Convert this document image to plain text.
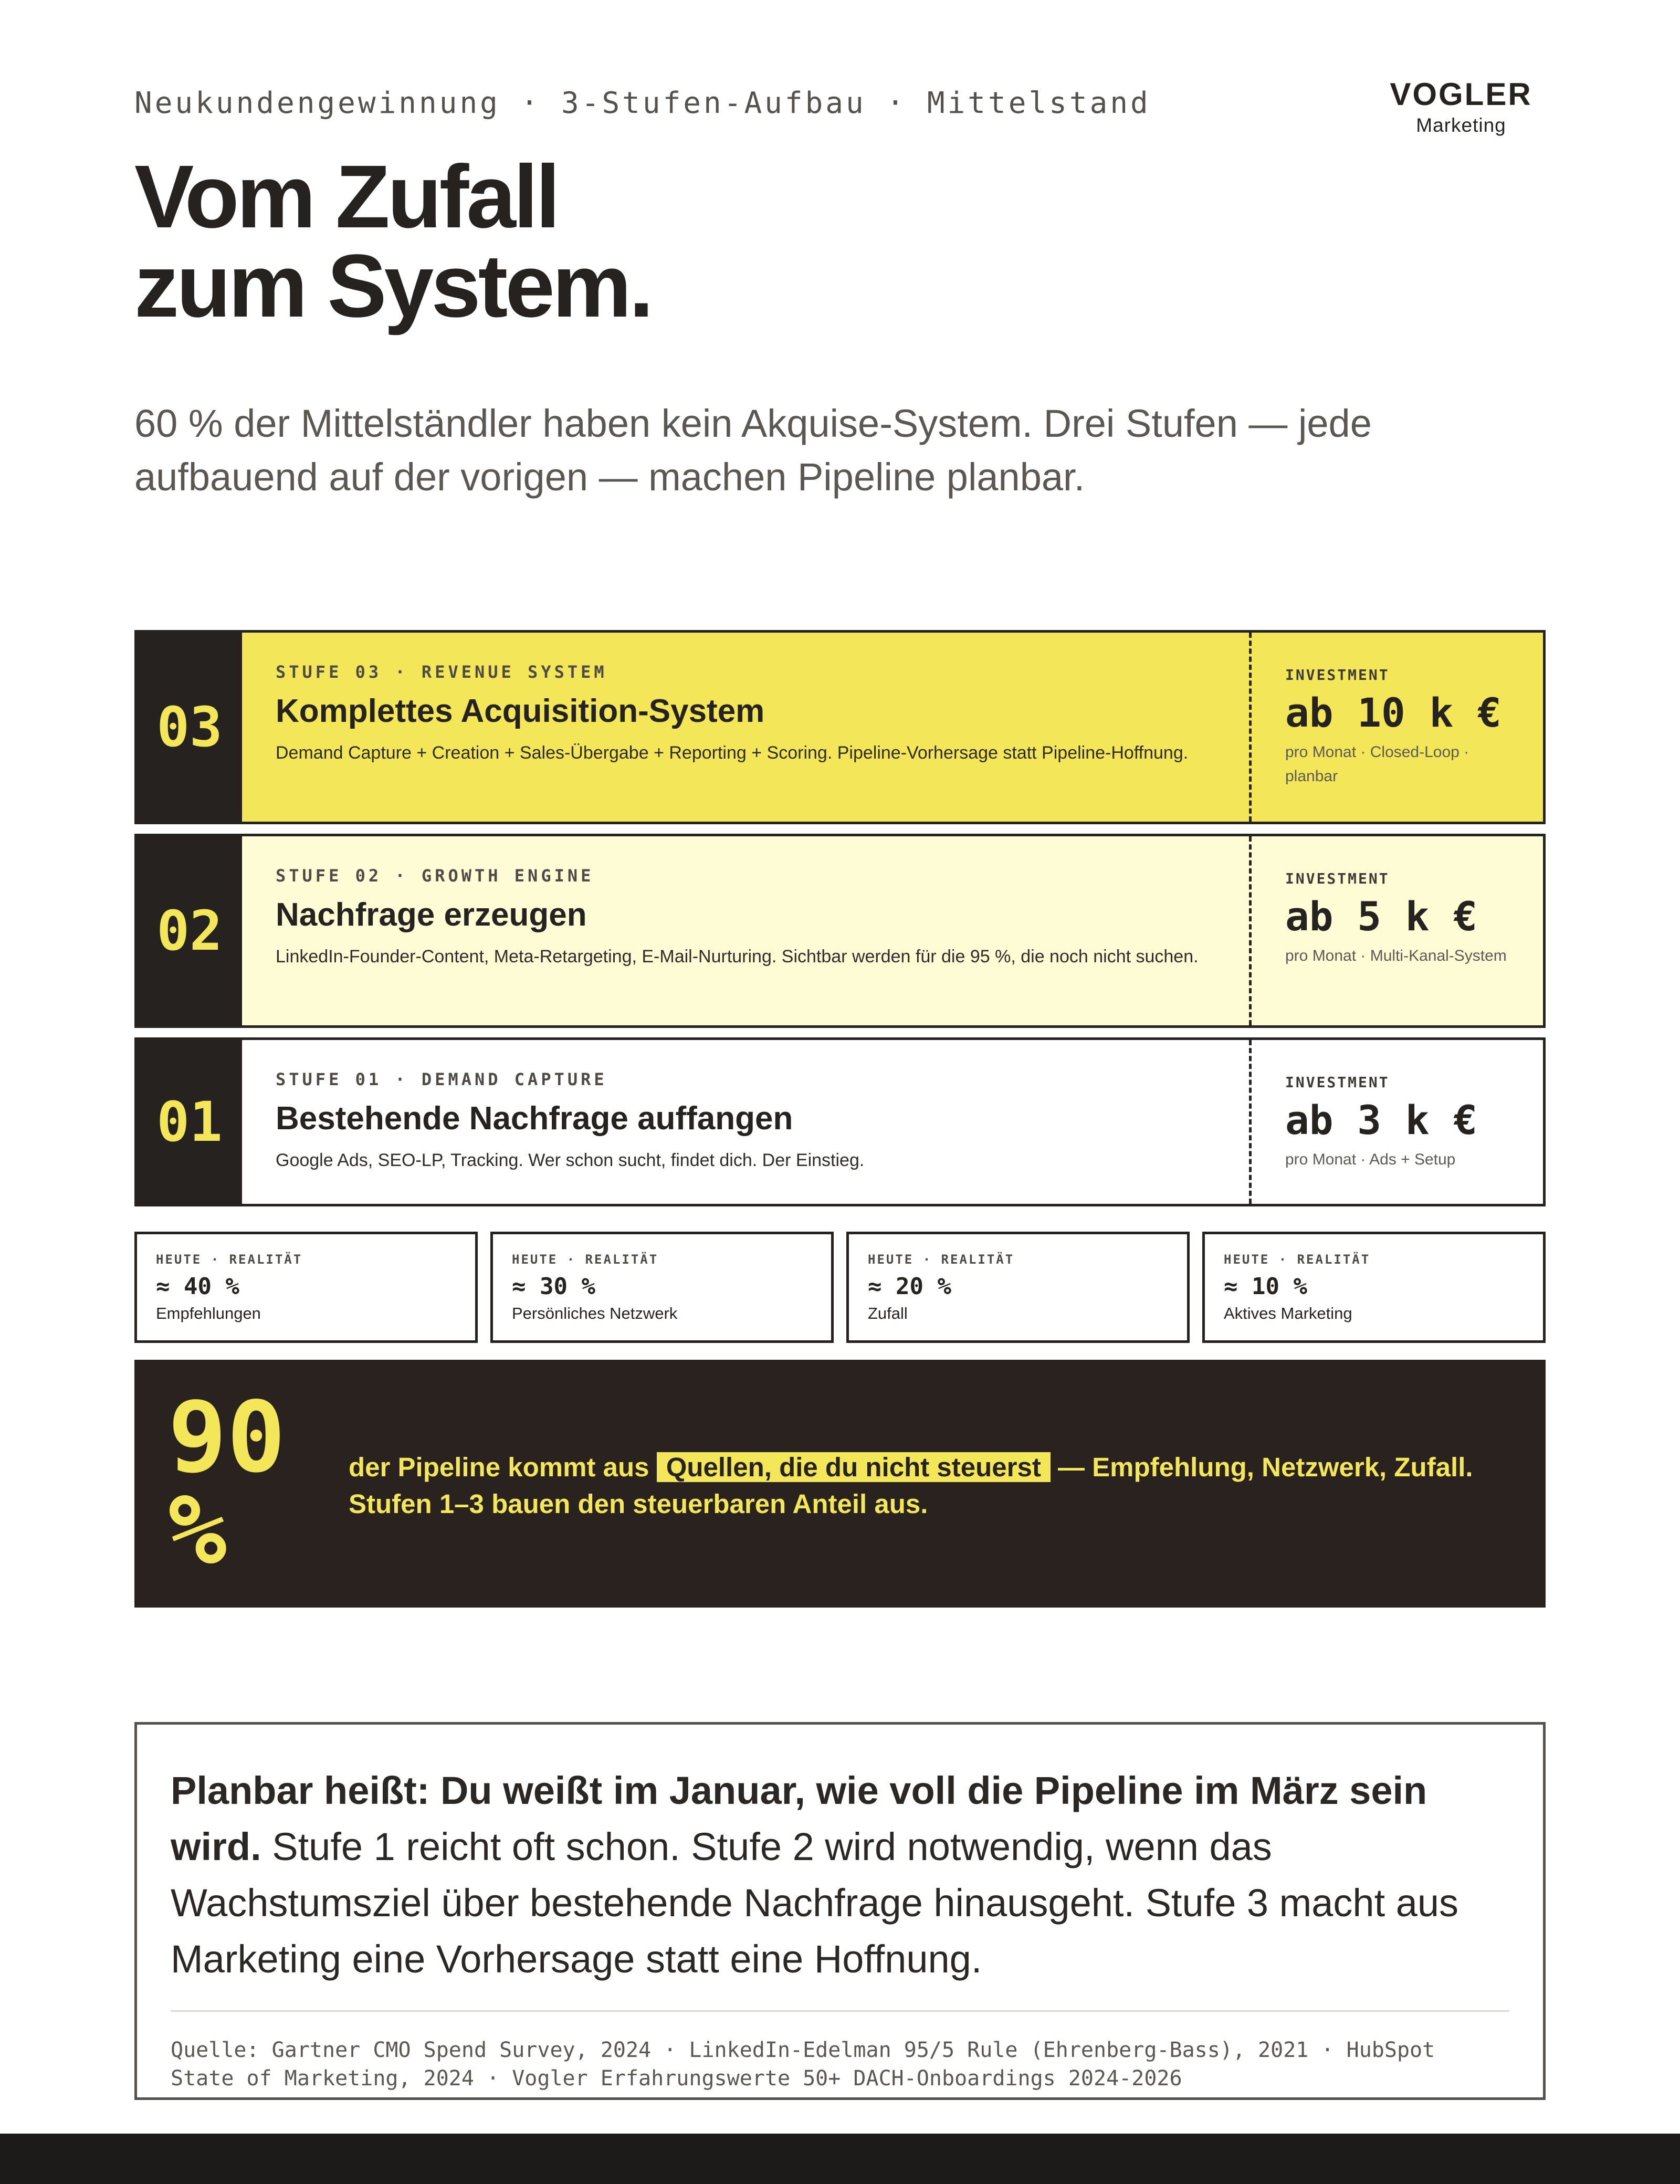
Neukundengewinnung · 3-Stufen-Aufbau · Mittelstand	VOGLER
Marketing
Vom Zufall
zum System.

60 % der Mittelständler haben kein Akquise-System. Drei Stufen — jede aufbauend auf der vorigen — machen Pipeline planbar.

03
STUFE 03 · REVENUE SYSTEM
Komplettes Acquisition-System
Demand Capture + Creation + Sales-Übergabe + Reporting + Scoring. Pipeline-Vorhersage statt Pipeline-Hoffnung.
INVESTMENT
ab 10 k €
pro Monat · Closed-Loop · planbar
02
STUFE 02 · GROWTH ENGINE
Nachfrage erzeugen
LinkedIn-Founder-Content, Meta-Retargeting, E-Mail-Nurturing. Sichtbar werden für die 95 %, die noch nicht suchen.
INVESTMENT
ab 5 k €
pro Monat · Multi-Kanal-System
01
STUFE 01 · DEMAND CAPTURE
Bestehende Nachfrage auffangen
Google Ads, SEO-LP, Tracking. Wer schon sucht, findet dich. Der Einstieg.
INVESTMENT
ab 3 k €
pro Monat · Ads + Setup
HEUTE · REALITÄT
≈ 40 %
Empfehlungen
HEUTE · REALITÄT
≈ 30 %
Persönliches Netzwerk
HEUTE · REALITÄT
≈ 20 %
Zufall
HEUTE · REALITÄT
≈ 10 %
Aktives Marketing
90
%
der Pipeline kommt aus Quellen, die du nicht steuerst — Empfehlung, Netzwerk, Zufall.
Stufen 1–3 bauen den steuerbaren Anteil aus.

Planbar heißt: Du weißt im Januar, wie voll die Pipeline im März sein wird. Stufe 1 reicht oft schon. Stufe 2 wird notwendig, wenn das Wachstumsziel über bestehende Nachfrage hinausgeht. Stufe 3 macht aus Marketing eine Vorhersage statt eine Hoffnung.

Quelle: Gartner CMO Spend Survey, 2024 · LinkedIn-Edelman 95/5 Rule (Ehrenberg-Bass), 2021 · HubSpot
State of Marketing, 2024 · Vogler Erfahrungswerte 50+ DACH-Onboardings 2024-2026
